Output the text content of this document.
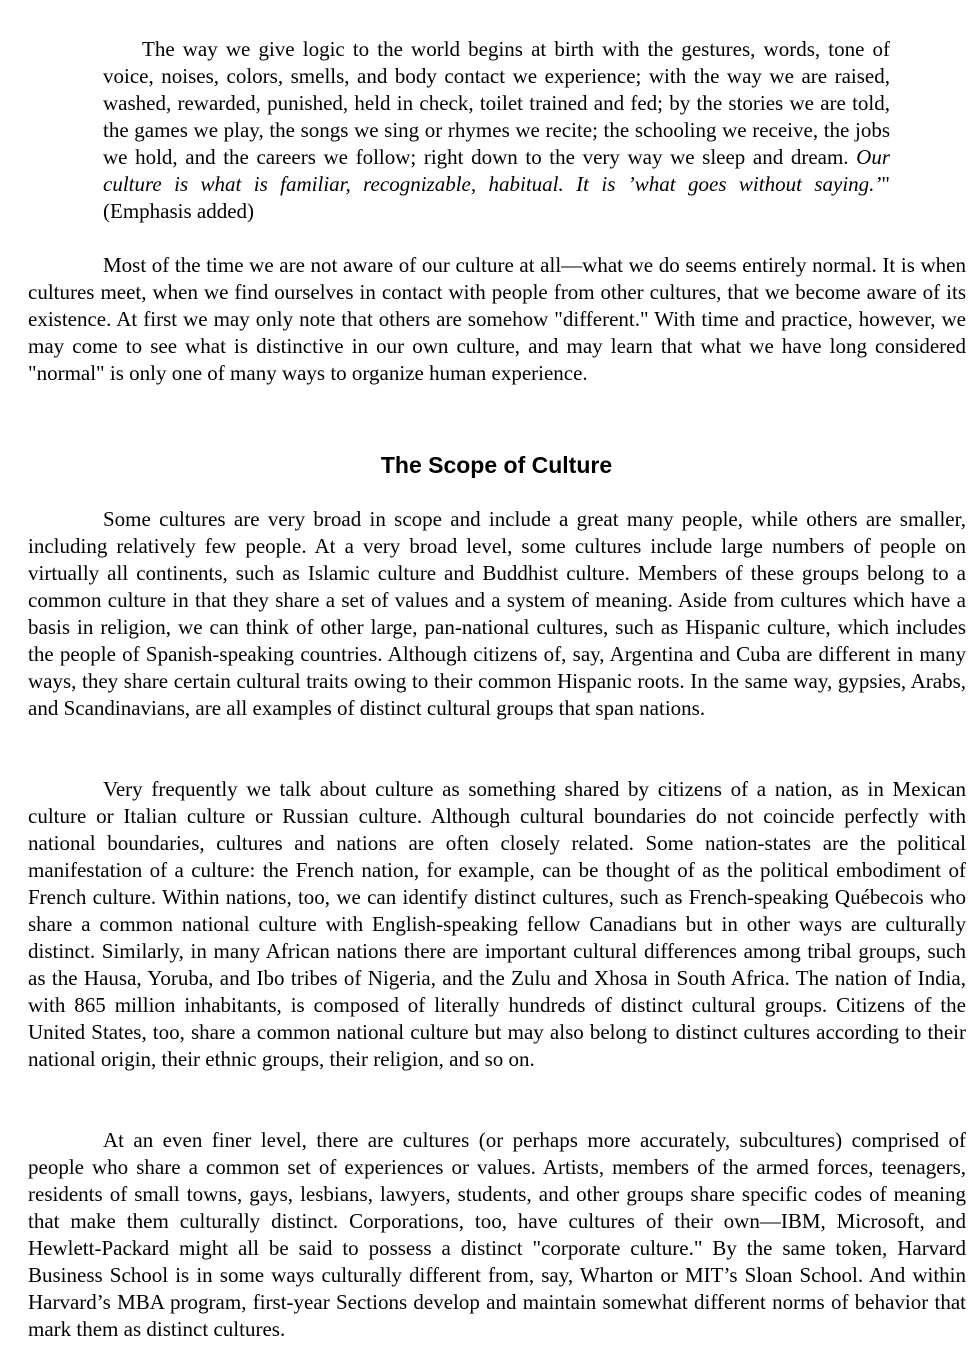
The way we give logic to the world begins at birth with the gestures, words, tone of voice, noises, colors, smells, and body contact we experience; with the way we are raised, washed, rewarded, punished, held in check, toilet trained and fed; by the stories we are told, the games we play, the songs we sing or rhymes we recite; the schooling we receive, the jobs we hold, and the careers we follow; right down to the very way we sleep and dream. Our culture is what is familiar, recognizable, habitual. It is ’what goes without saying.’" (Emphasis added)

Most of the time we are not aware of our culture at all—what we do seems entirely normal. It is when cultures meet, when we find ourselves in contact with people from other cultures, that we become aware of its existence. At first we may only note that others are somehow "different." With time and practice, however, we may come to see what is distinctive in our own culture, and may learn that what we have long considered "normal" is only one of many ways to organize human experience.

The Scope of Culture

Some cultures are very broad in scope and include a great many people, while others are smaller, including relatively few people. At a very broad level, some cultures include large numbers of people on virtually all continents, such as Islamic culture and Buddhist culture. Members of these groups belong to a common culture in that they share a set of values and a system of meaning. Aside from cultures which have a basis in religion, we can think of other large, pan-national cultures, such as Hispanic culture, which includes the people of Spanish-speaking countries. Although citizens of, say, Argentina and Cuba are different in many ways, they share certain cultural traits owing to their common Hispanic roots. In the same way, gypsies, Arabs, and Scandinavians, are all examples of distinct cultural groups that span nations.

Very frequently we talk about culture as something shared by citizens of a nation, as in Mexican culture or Italian culture or Russian culture. Although cultural boundaries do not coincide perfectly with national boundaries, cultures and nations are often closely related. Some nation-states are the political manifestation of a culture: the French nation, for example, can be thought of as the political embodiment of French culture. Within nations, too, we can identify distinct cultures, such as French-speaking Québecois who share a common national culture with English-speaking fellow Canadians but in other ways are culturally distinct. Similarly, in many African nations there are important cultural differences among tribal groups, such as the Hausa, Yoruba, and Ibo tribes of Nigeria, and the Zulu and Xhosa in South Africa. The nation of India, with 865 million inhabitants, is composed of literally hundreds of distinct cultural groups. Citizens of the United States, too, share a common national culture but may also belong to distinct cultures according to their national origin, their ethnic groups, their religion, and so on.

At an even finer level, there are cultures (or perhaps more accurately, subcultures) comprised of people who share a common set of experiences or values. Artists, members of the armed forces, teenagers, residents of small towns, gays, lesbians, lawyers, students, and other groups share specific codes of meaning that make them culturally distinct. Corporations, too, have cultures of their own—IBM, Microsoft, and Hewlett-Packard might all be said to possess a distinct "corporate culture." By the same token, Harvard Business School is in some ways culturally different from, say, Wharton or MIT’s Sloan School. And within Harvard’s MBA program, first-year Sections develop and maintain somewhat different norms of behavior that mark them as distinct cultures.
